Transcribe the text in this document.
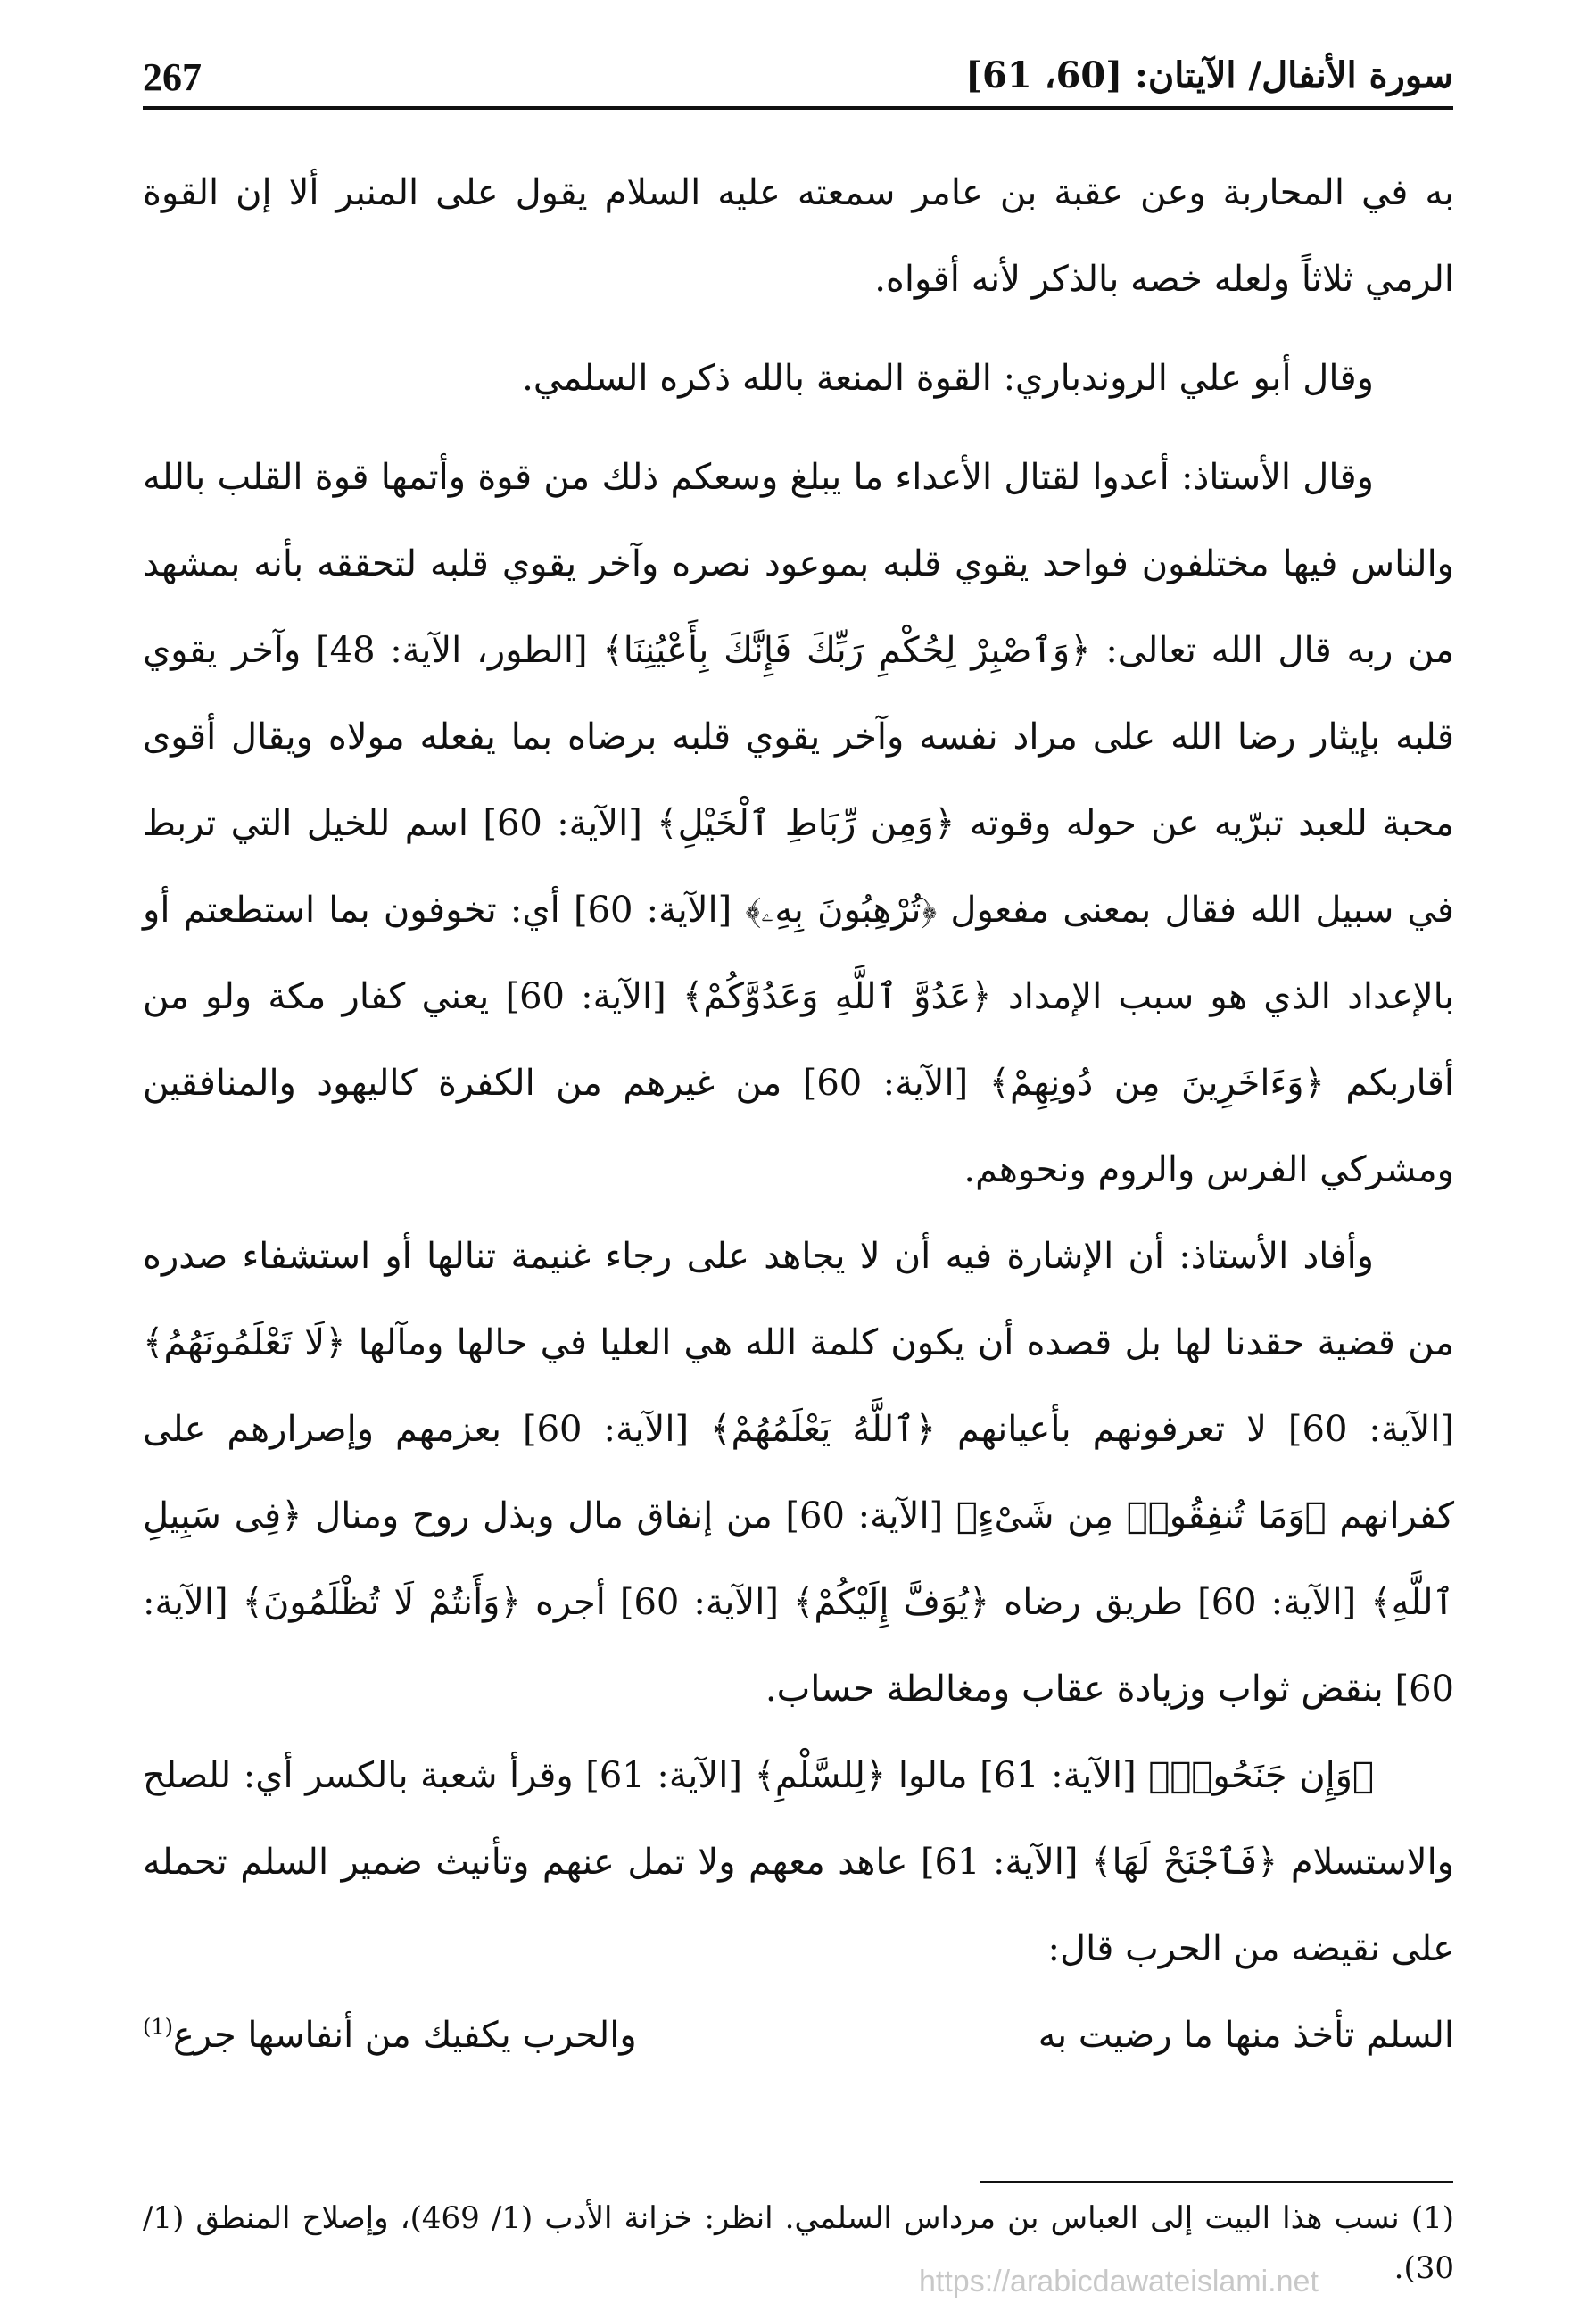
267	سورة الأنفال/ الآيتان: [60، 61]

به في المحاربة وعن عقبة بن عامر سمعته عليه السلام يقول على المنبر ألا إن القوة الرمي ثلاثاً ولعله خصه بالذكر لأنه أقواه.

وقال أبو علي الروندباري: القوة المنعة بالله ذكره السلمي.

وقال الأستاذ: أعدوا لقتال الأعداء ما يبلغ وسعكم ذلك من قوة وأتمها قوة القلب بالله والناس فيها مختلفون فواحد يقوي قلبه بموعود نصره وآخر يقوي قلبه لتحققه بأنه بمشهد من ربه قال الله تعالى: ﴿وَٱصْبِرْ لِحُكْمِ رَبِّكَ فَإِنَّكَ بِأَعْيُنِنَا﴾ [الطور، الآية: 48] وآخر يقوي قلبه بإيثار رضا الله على مراد نفسه وآخر يقوي قلبه برضاه بما يفعله مولاه ويقال أقوى محبة للعبد تبرّيه عن حوله وقوته ﴿وَمِن رِّبَاطِ ٱلْخَيْلِ﴾ [الآية: 60] اسم للخيل التي تربط في سبيل الله فقال بمعنى مفعول ﴿تُرْهِبُونَ بِهِۦ﴾ [الآية: 60] أي: تخوفون بما استطعتم أو بالإعداد الذي هو سبب الإمداد ﴿عَدُوَّ ٱللَّهِ وَعَدُوَّكُمْ﴾ [الآية: 60] يعني كفار مكة ولو من أقاربكم ﴿وَءَاخَرِينَ مِن دُونِهِمْ﴾ [الآية: 60] من غيرهم من الكفرة كاليهود والمنافقين ومشركي الفرس والروم ونحوهم.

وأفاد الأستاذ: أن الإشارة فيه أن لا يجاهد على رجاء غنيمة تنالها أو استشفاء صدره من قضية حقدنا لها بل قصده أن يكون كلمة الله هي العليا في حالها ومآلها ﴿لَا تَعْلَمُونَهُمُ﴾ [الآية: 60] لا تعرفونهم بأعيانهم ﴿ٱللَّهُ يَعْلَمُهُمْ﴾ [الآية: 60] بعزمهم وإصرارهم على كفرانهم ﴿وَمَا تُنفِقُوا۟ مِن شَىْءٍ﴾ [الآية: 60] من إنفاق مال وبذل روح ومنال ﴿فِى سَبِيلِ ٱللَّهِ﴾ [الآية: 60] طريق رضاه ﴿يُوَفَّ إِلَيْكُمْ﴾ [الآية: 60] أجره ﴿وَأَنتُمْ لَا تُظْلَمُونَ﴾ [الآية: 60] بنقض ثواب وزيادة عقاب ومغالطة حساب.

﴿وَإِن جَنَحُوا۟﴾ [الآية: 61] مالوا ﴿لِلسَّلْمِ﴾ [الآية: 61] وقرأ شعبة بالكسر أي: للصلح والاستسلام ﴿فَٱجْنَحْ لَهَا﴾ [الآية: 61] عاهد معهم ولا تمل عنهم وتأنيث ضمير السلم تحمله على نقيضه من الحرب قال:

السلم تأخذ منها ما رضيت به
والحرب يكفيك من أنفاسها جرع$^{(1)}$

(1) نسب هذا البيت إلى العباس بن مرداس السلمي. انظر: خزانة الأدب (1/ 469)، وإصلاح المنطق (1/ 30).

https://arabicdawateislami.net
